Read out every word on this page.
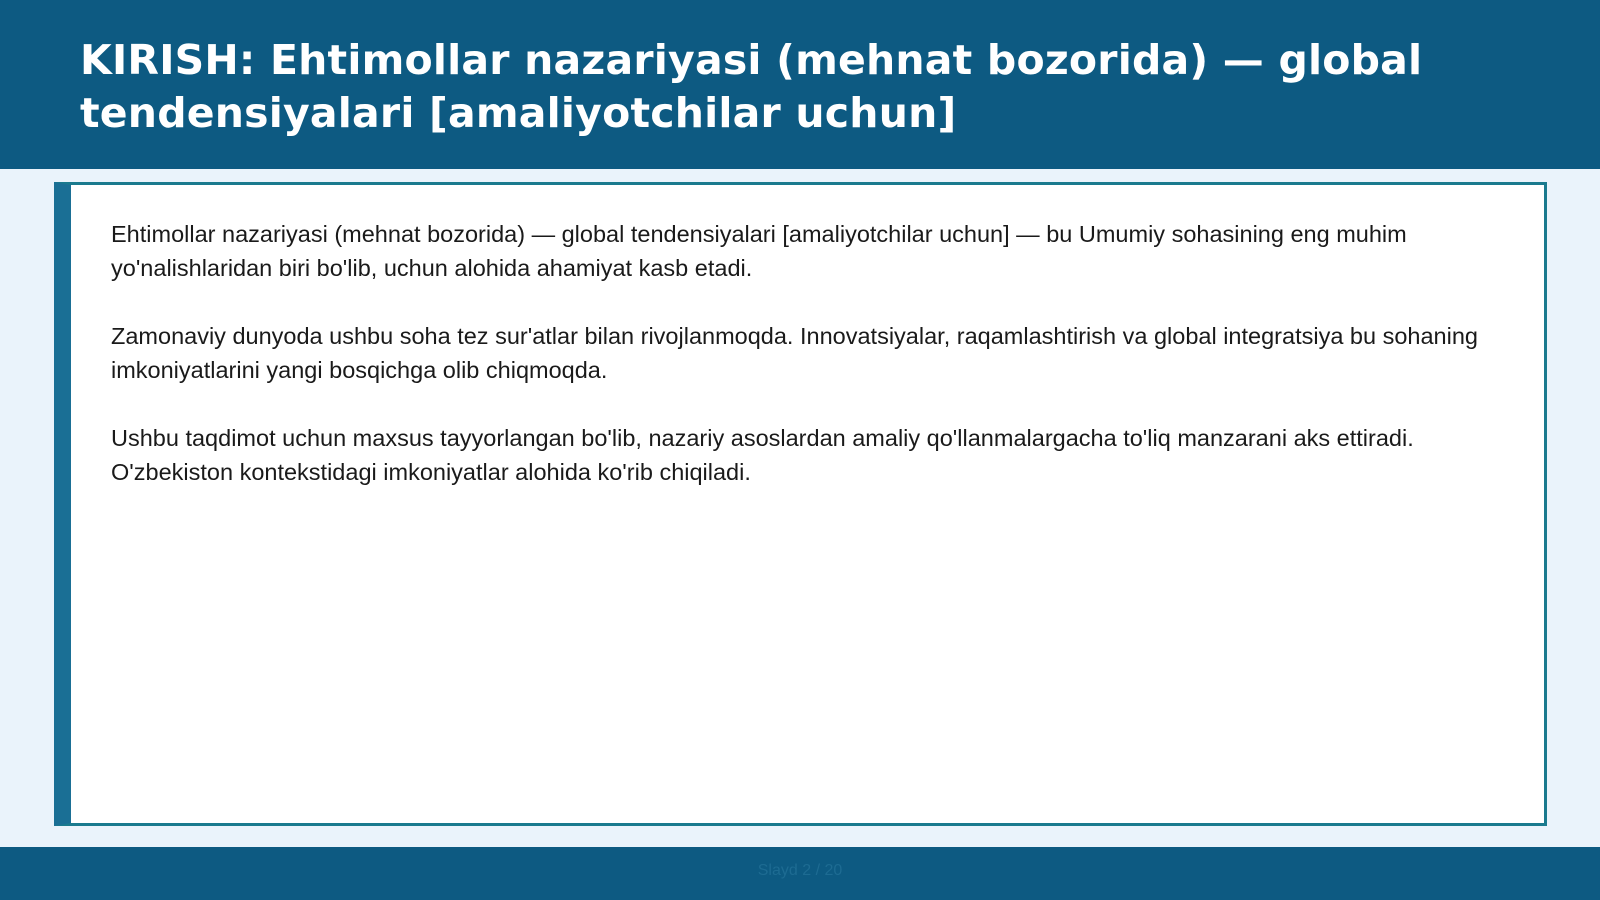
KIRISH: Ehtimollar nazariyasi (mehnat bozorida) — global tendensiyalari [amaliyotchilar uchun]

Ehtimollar nazariyasi (mehnat bozorida) — global tendensiyalari [amaliyotchilar uchun] — bu Umumiy sohasining eng muhim yo'nalishlaridan biri bo'lib, uchun alohida ahamiyat kasb etadi.

Zamonaviy dunyoda ushbu soha tez sur'atlar bilan rivojlanmoqda. Innovatsiyalar, raqamlashtirish va global integratsiya bu sohaning imkoniyatlarini yangi bosqichga olib chiqmoqda.

Ushbu taqdimot uchun maxsus tayyorlangan bo'lib, nazariy asoslardan amaliy qo'llanmalargacha to'liq manzarani aks ettiradi. O'zbekiston kontekstidagi imkoniyatlar alohida ko'rib chiqiladi.

Slayd 2 / 20
